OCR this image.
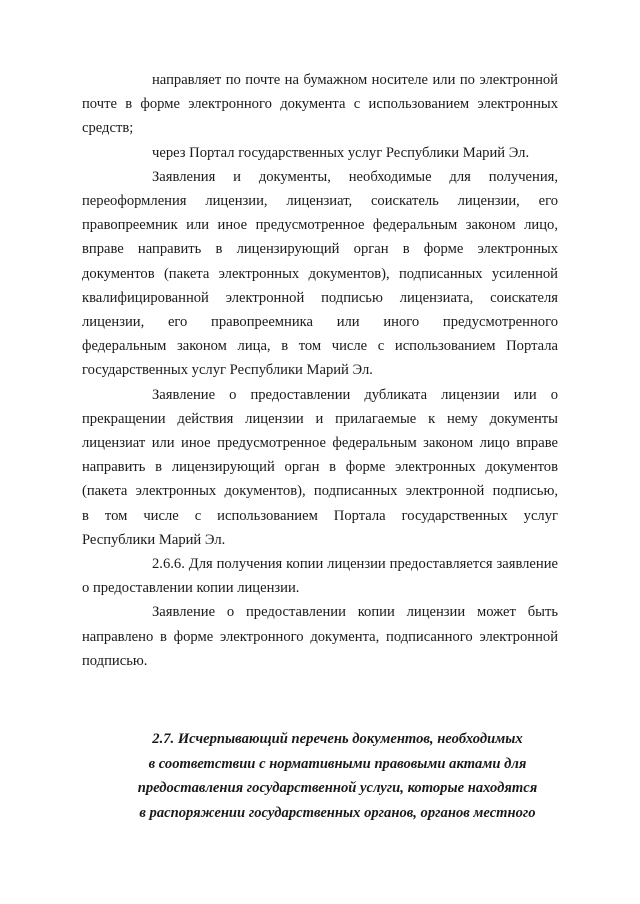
направляет по почте на бумажном носителе или по электронной
почте в форме электронного документа с использованием электронных
средств;

через Портал государственных услуг Республики Марий Эл.

Заявления и документы, необходимые для получения,
переоформления лицензии, лицензиат, соискатель лицензии, его
правопреемник или иное предусмотренное федеральным законом лицо,
вправе направить в лицензирующий орган в форме электронных
документов (пакета электронных документов), подписанных усиленной
квалифицированной электронной подписью лицензиата, соискателя
лицензии, его правопреемника или иного предусмотренного
федеральным законом лица, в том числе с использованием Портала
государственных услуг Республики Марий Эл.

Заявление о предоставлении дубликата лицензии или о
прекращении действия лицензии и прилагаемые к нему документы
лицензиат или иное предусмотренное федеральным законом лицо вправе
направить в лицензирующий орган в форме электронных документов
(пакета электронных документов), подписанных электронной подписью,
в том числе с использованием Портала государственных услуг
Республики Марий Эл.

2.6.6. Для получения копии лицензии предоставляется заявление
о предоставлении копии лицензии.

Заявление о предоставлении копии лицензии может быть
направлено в форме электронного документа, подписанного электронной
подписью.

2.7. Исчерпывающий перечень документов, необходимых
в соответствии с нормативными правовыми актами для
предоставления государственной услуги, которые находятся
в распоряжении государственных органов, органов местного
